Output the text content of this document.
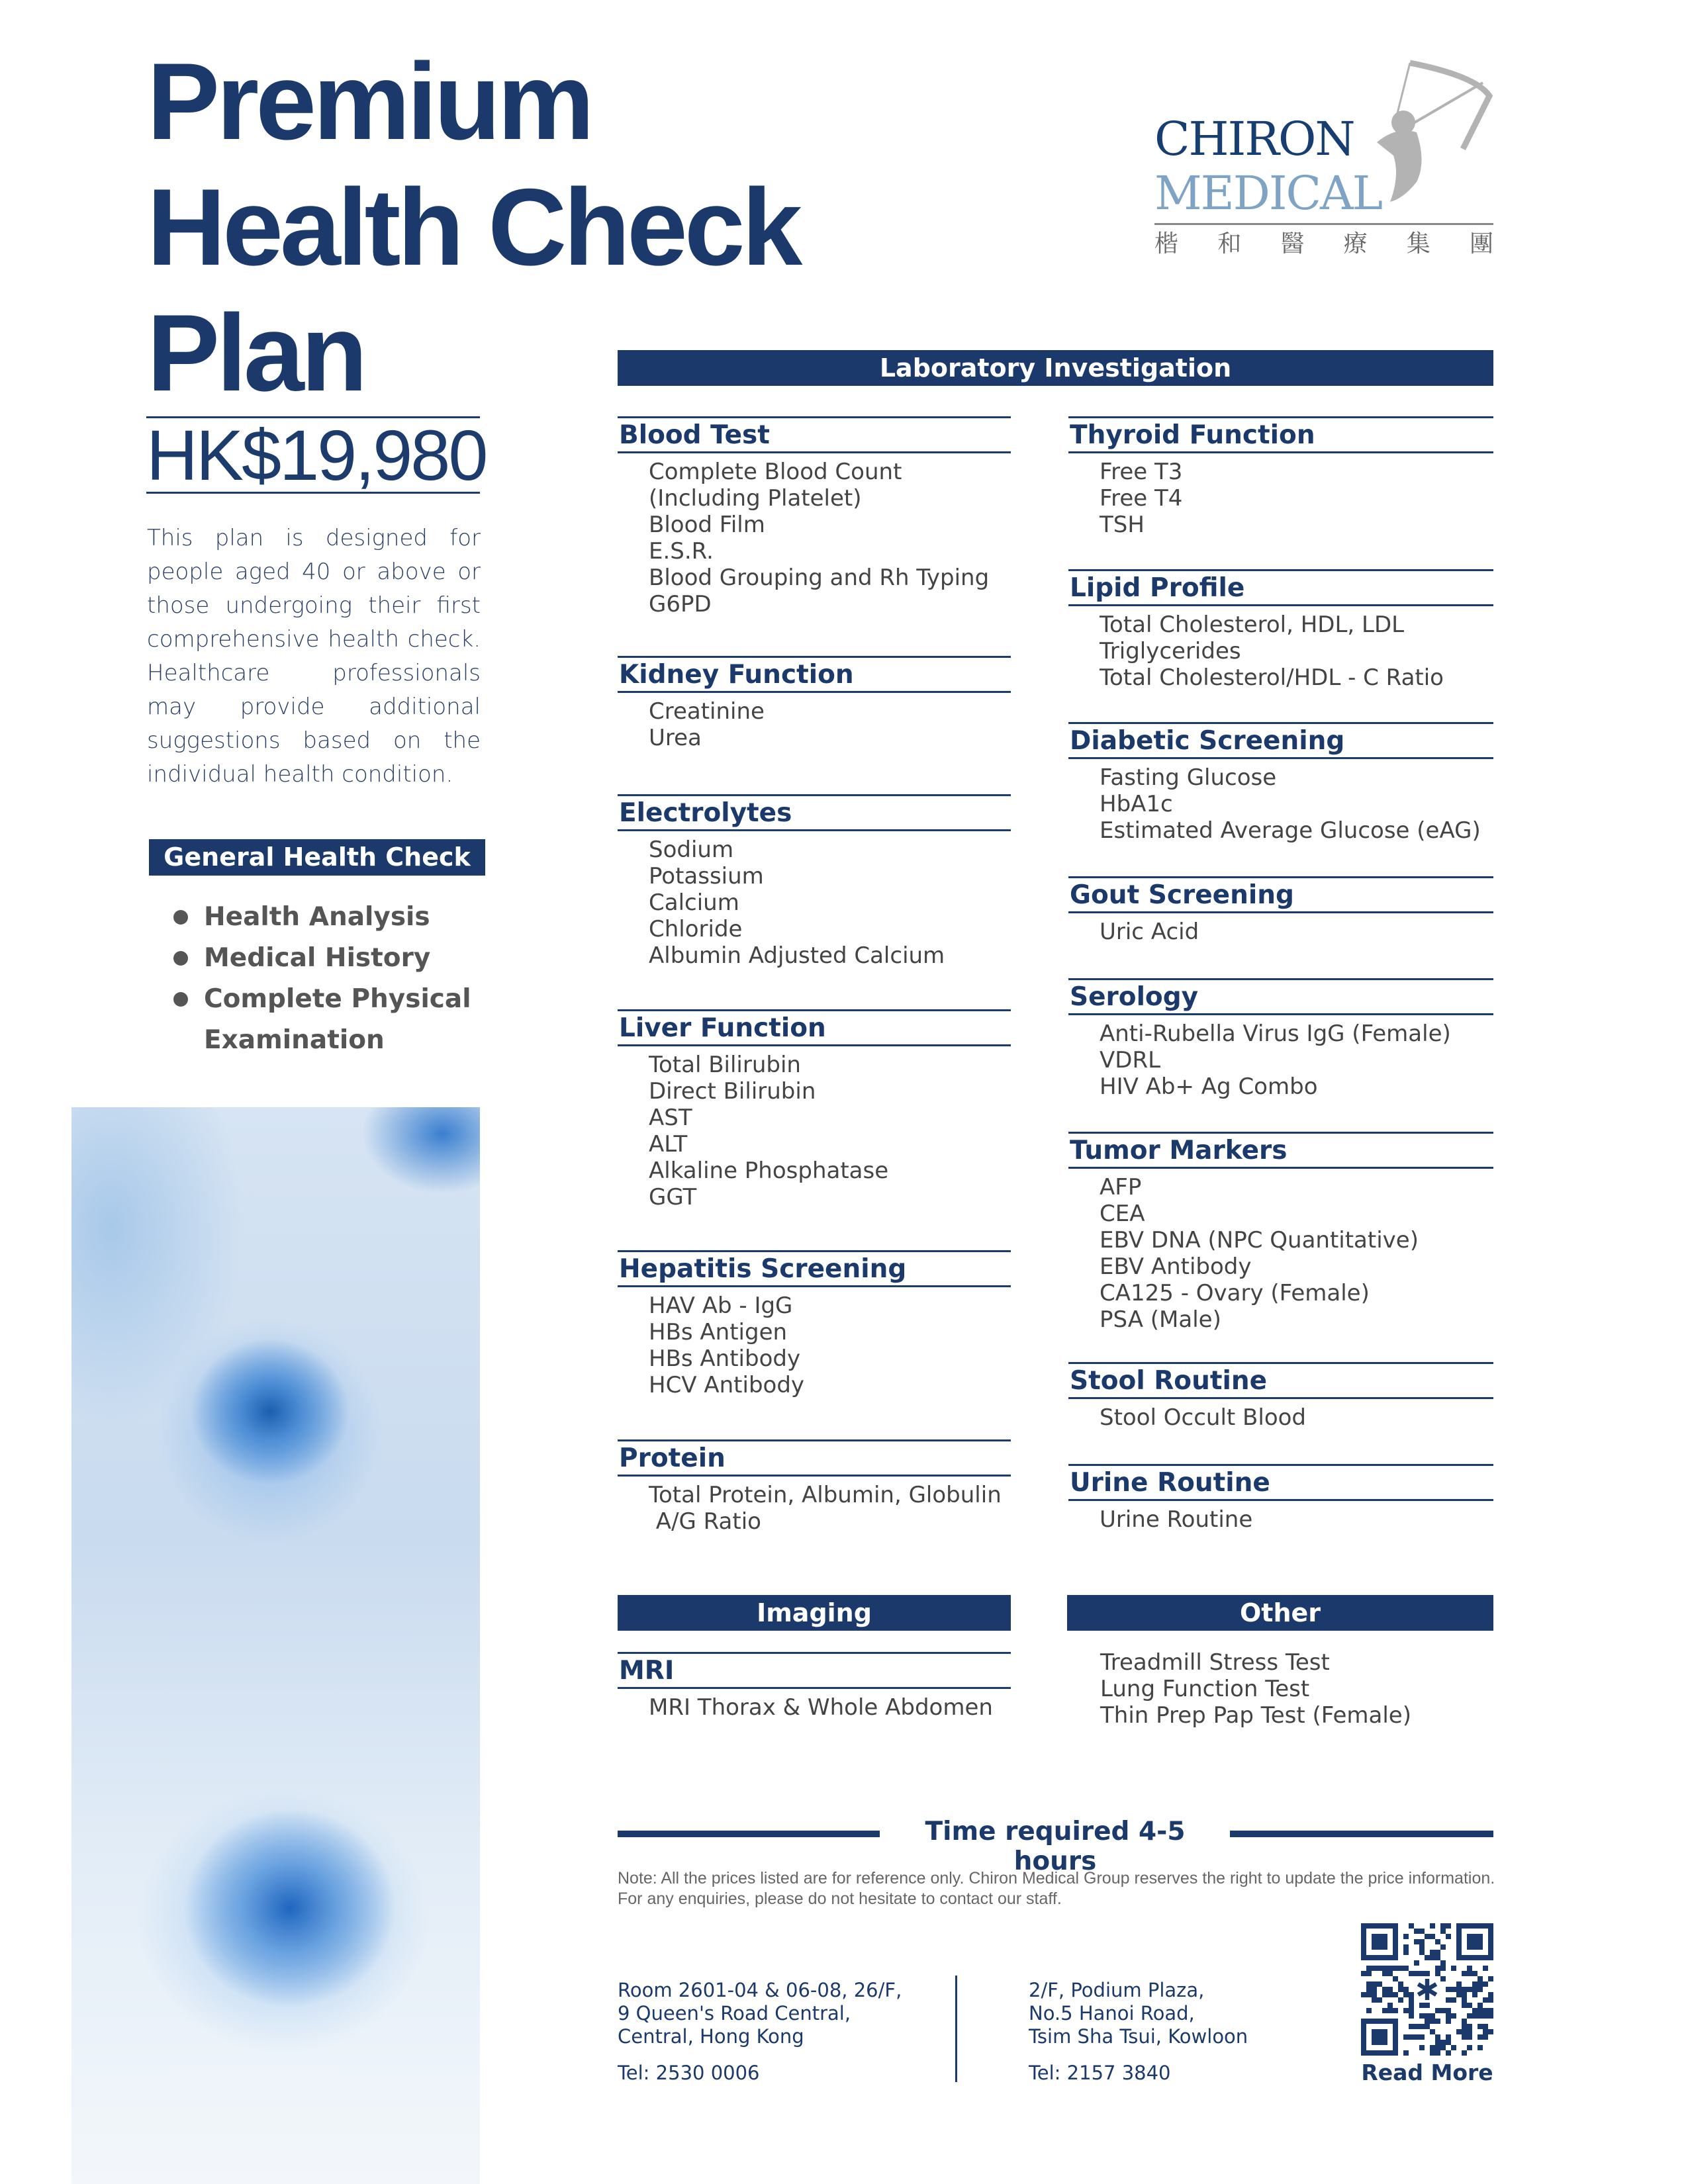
Premium
Health Check
Plan
CHIRON
MEDICAL
楷 和 醫 療 集 團
HK$19,980
This plan is designed for people aged 40 or above or those undergoing their first comprehensive health check. Healthcare professionals may provide additional suggestions based on the individual health condition.
General Health Check
Health Analysis
Medical History
Complete Physical
Examination
Laboratory Investigation
Blood Test
Complete Blood Count
(Including Platelet)
Blood Film
E.S.R.
Blood Grouping and Rh Typing
G6PD
Kidney Function
Creatinine
Urea
Electrolytes
Sodium
Potassium
Calcium
Chloride
Albumin Adjusted Calcium
Liver Function
Total Bilirubin
Direct Bilirubin
AST
ALT
Alkaline Phosphatase
GGT
Hepatitis Screening
HAV Ab - IgG
HBs Antigen
HBs Antibody
HCV Antibody
Protein
Total Protein, Albumin, Globulin
A/G Ratio
Thyroid Function
Free T3
Free T4
TSH
Lipid Profile
Total Cholesterol, HDL, LDL
Triglycerides
Total Cholesterol/HDL - C Ratio
Diabetic Screening
Fasting Glucose
HbA1c
Estimated Average Glucose (eAG)
Gout Screening
Uric Acid
Serology
Anti-Rubella Virus IgG (Female)
VDRL
HIV Ab+ Ag Combo
Tumor Markers
AFP
CEA
EBV DNA (NPC Quantitative)
EBV Antibody
CA125 - Ovary (Female)
PSA (Male)
Stool Routine
Stool Occult Blood
Urine Routine
Urine Routine
Imaging
MRI
MRI Thorax & Whole Abdomen
Other
Treadmill Stress Test
Lung Function Test
Thin Prep Pap Test (Female)
Time required 4-5 hours
Note: All the prices listed are for reference only. Chiron Medical Group reserves the right to update the price information. For any enquiries, please do not hesitate to contact our staff.
Room 2601-04 & 06-08, 26/F,
9 Queen's Road Central,
Central, Hong Kong
Tel: 2530 0006
2/F, Podium Plaza,
No.5 Hanoi Road,
Tsim Sha Tsui, Kowloon
Tel: 2157 3840	Read More
